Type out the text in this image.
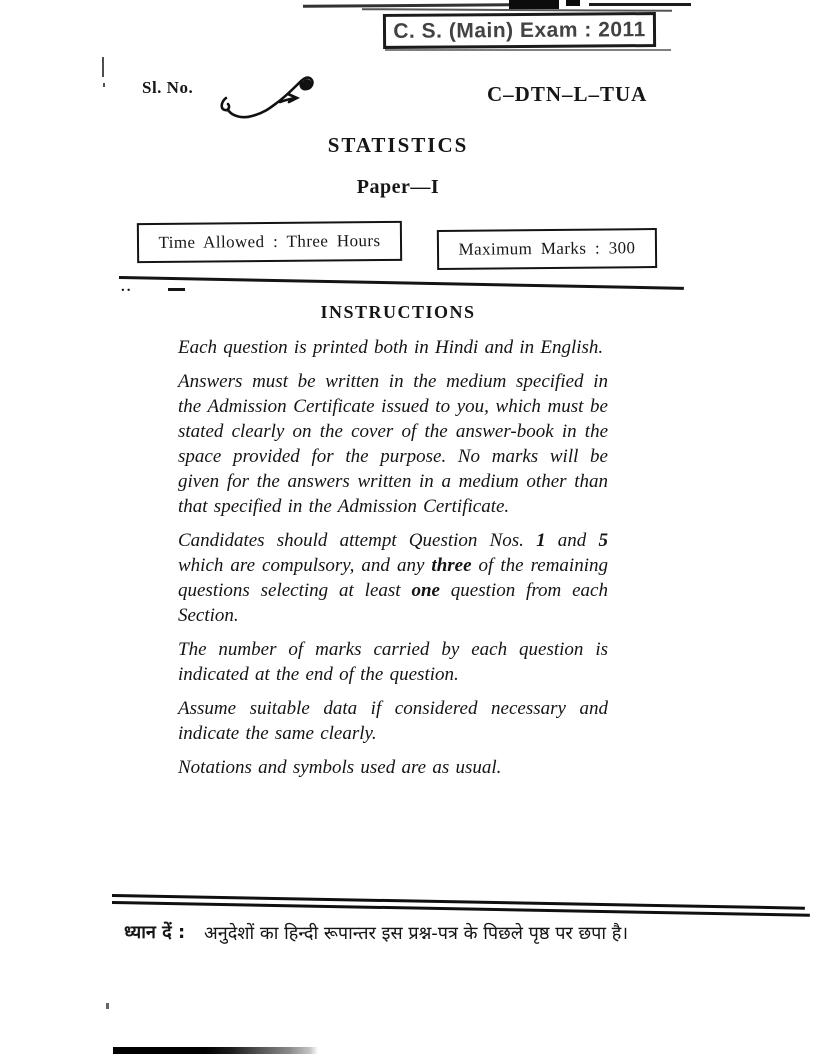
C. S. (Main) Exam : 2011
Sl. No.	C–DTN–L–TUA
STATISTICS
Paper—I
Time Allowed : Three Hours	Maximum Marks : 300
..
INSTRUCTIONS

Each question is printed both in Hindi and in English.

Answers must be written in the medium specified in the Admission Certificate issued to you, which must be stated clearly on the cover of the answer-book in the space provided for the purpose. No marks will be given for the answers written in a medium other than that specified in the Admission Certificate.

Candidates should attempt Question Nos. 1 and 5 which are compulsory, and any three of the remaining questions selecting at least one question from each Section.

The number of marks carried by each question is indicated at the end of the question.

Assume suitable data if considered necessary and indicate the same clearly.

Notations and symbols used are as usual.

ध्यान दें : अनुदेशों का हिन्दी रूपान्तर इस प्रश्न-पत्र के पिछले पृष्ठ पर छपा है।
